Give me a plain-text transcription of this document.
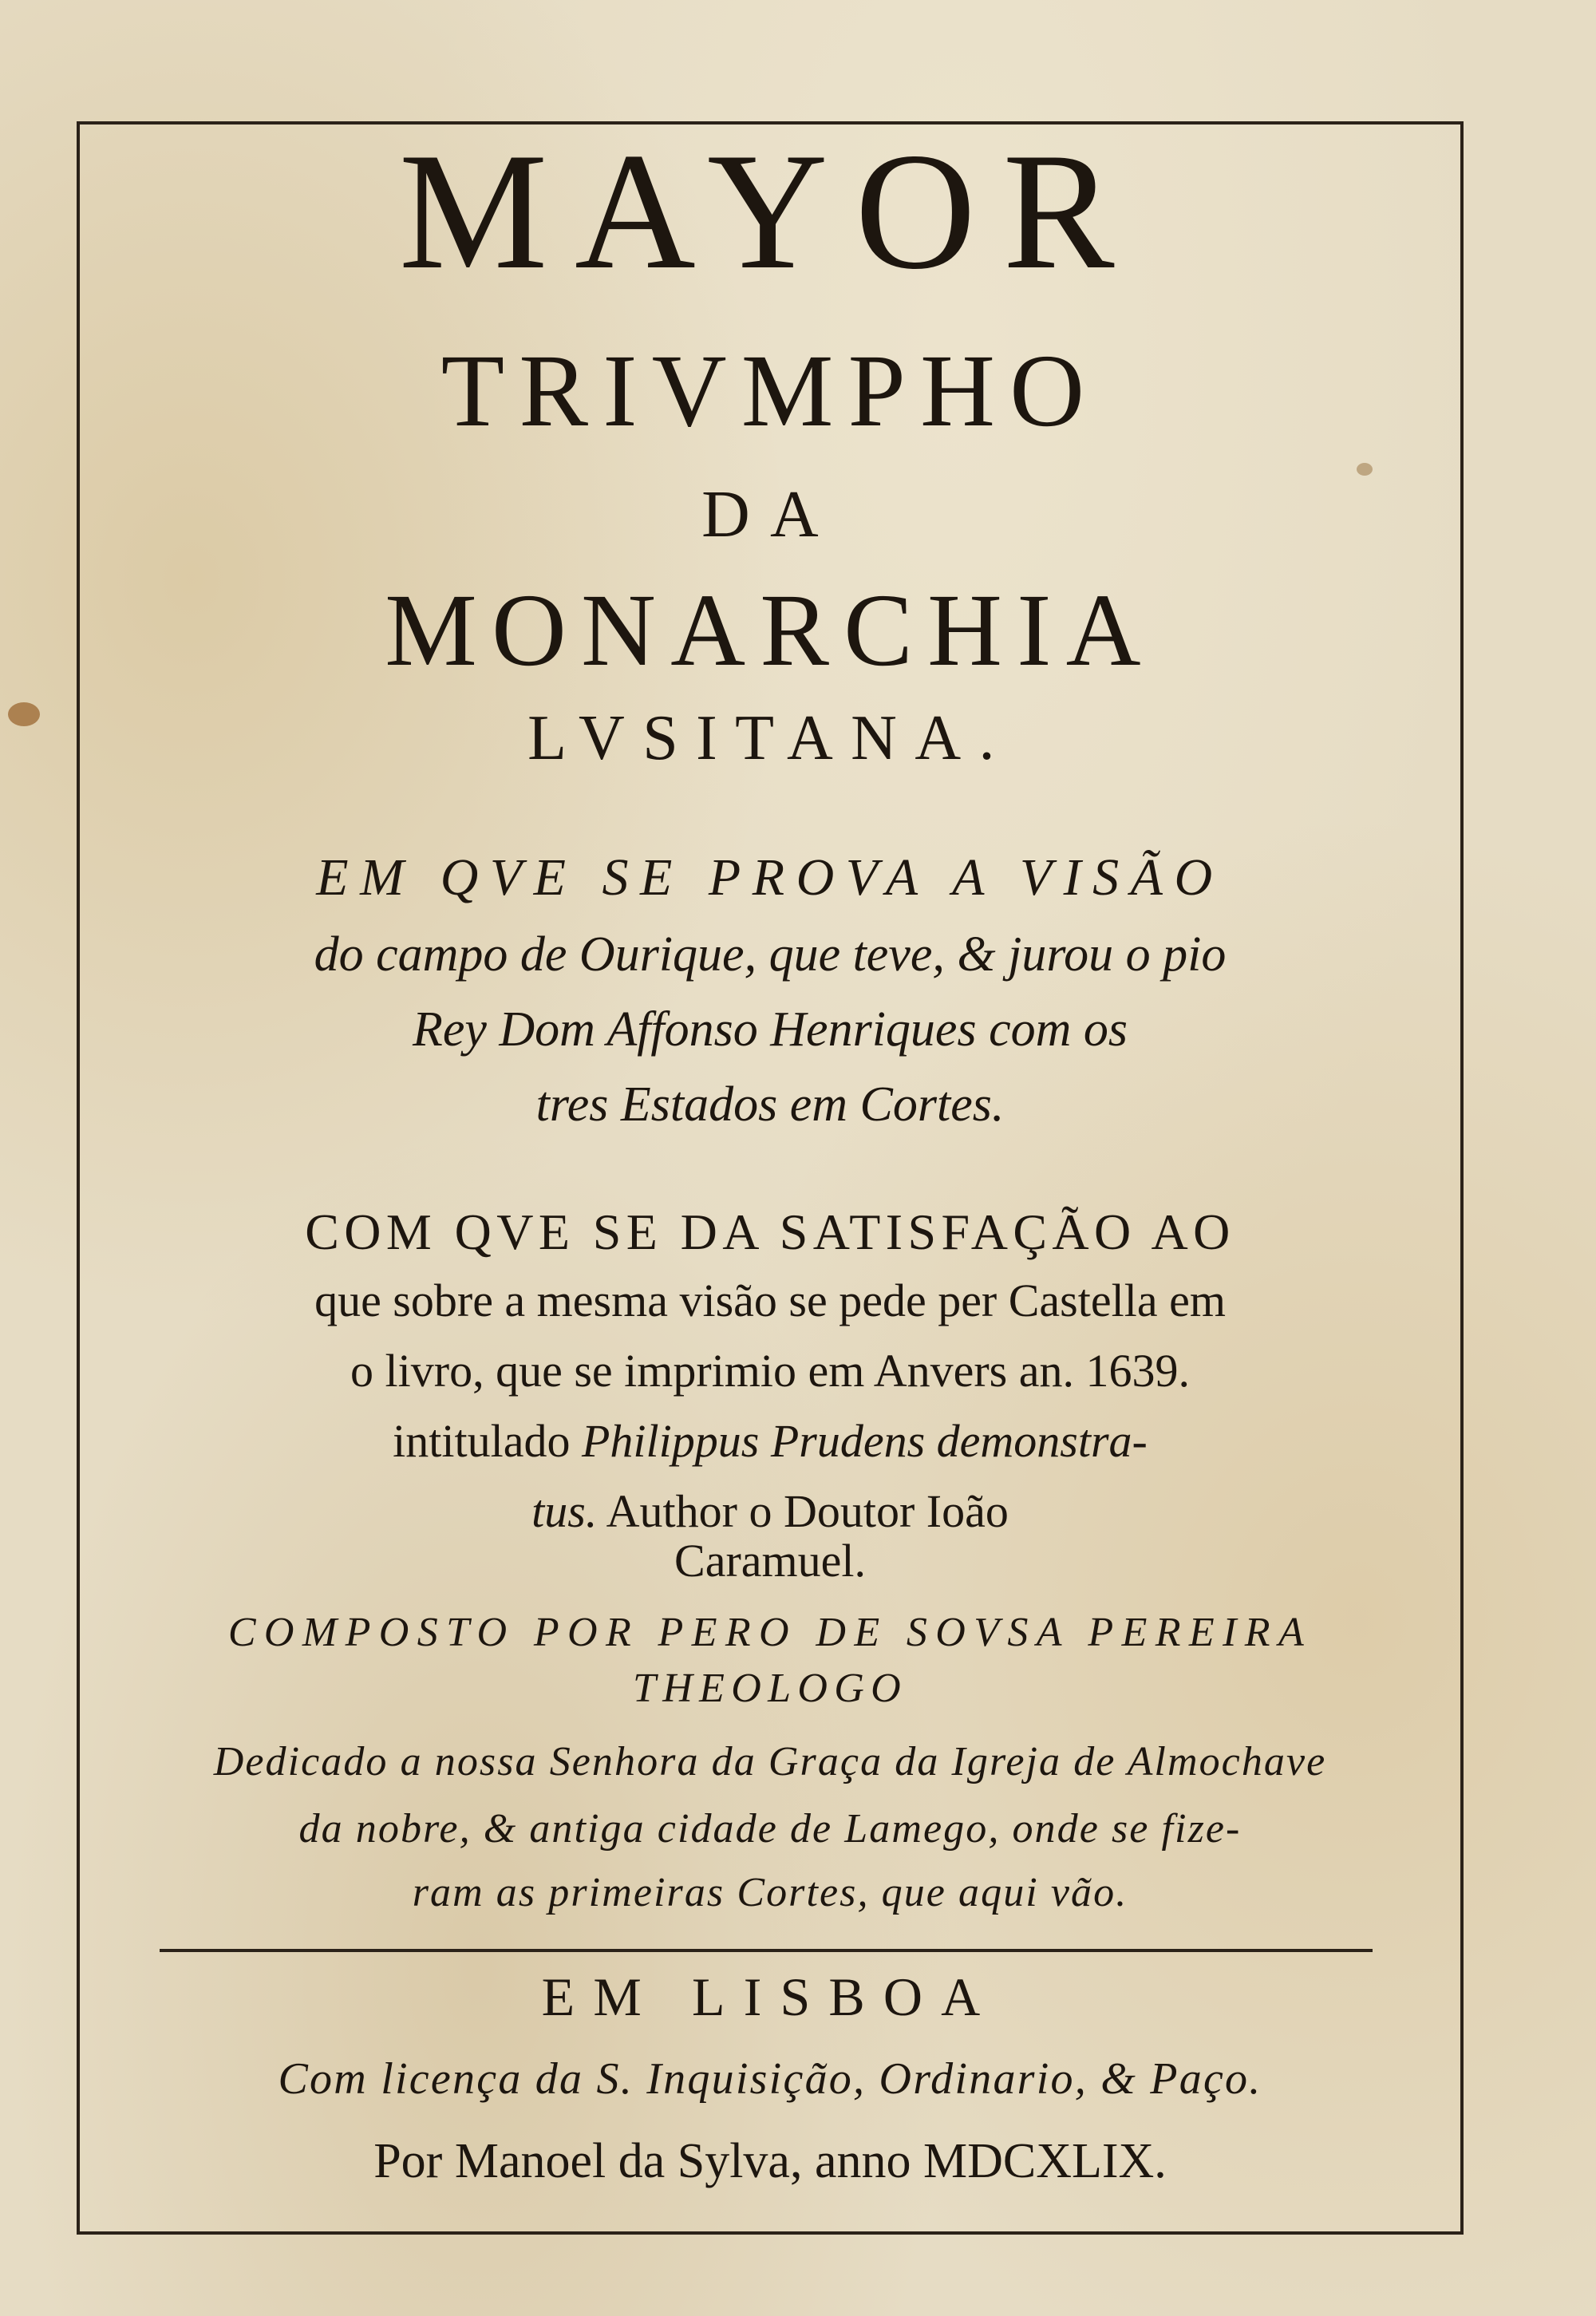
MAYOR
TRIVMPHO
DA
MONARCHIA
LVSITANA.
EM QVE SE PROVA A VISÃO
do campo de Ourique, que teve, & jurou o pio
Rey Dom Affonso Henriques com os
tres Estados em Cortes.
COM QVE SE DA SATISFAÇÃO AO
que sobre a mesma visão se pede per Castella em
o livro, que se imprimio em Anvers an. 1639.
intitulado Philippus Prudens demonstra-
tus. Author o Doutor Ioão
Caramuel.
COMPOSTO POR PERO DE SOVSA PEREIRA
THEOLOGO
Dedicado a nossa Senhora da Graça da Igreja de Almochave
da nobre, & antiga cidade de Lamego, onde se fize-
ram as primeiras Cortes, que aqui vão.
EM LISBOA
Com licença da S. Inquisição, Ordinario, & Paço.
Por Manoel da Sylva, anno MDCXLIX.
